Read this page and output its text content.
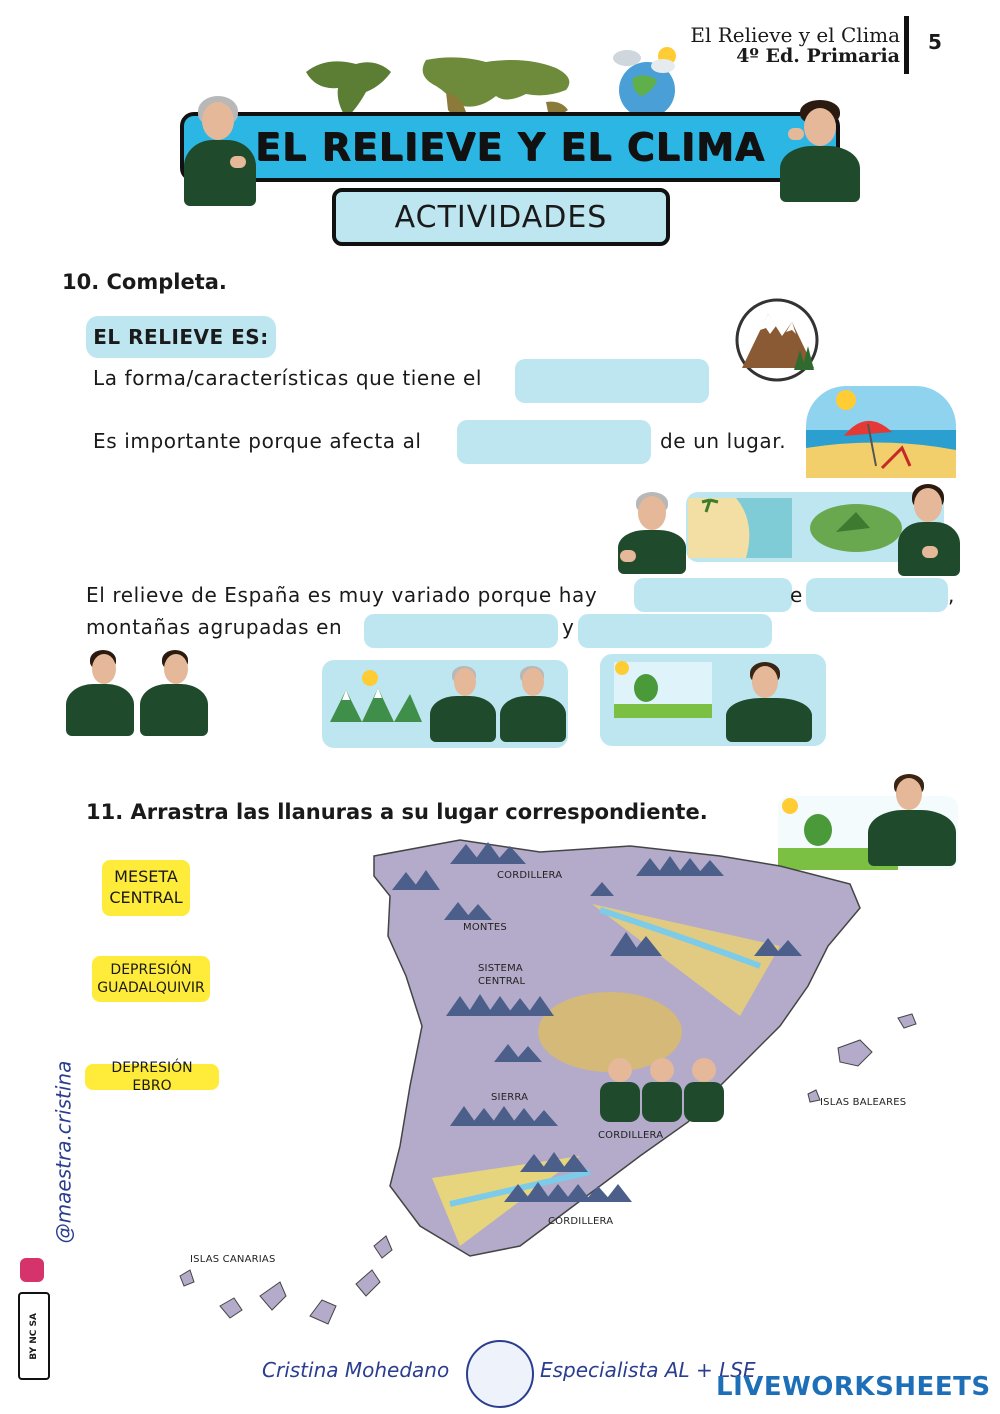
El Relieve y el Clima
4º Ed. Primaria
5
EL RELIEVE Y EL CLIMA
ACTIVIDADES
10. Completa.
EL RELIEVE ES:
La forma/características que tiene el
Es importante porque afecta al	de un lugar.
El relieve de España es muy variado porque hay	e	,
montañas agrupadas en	y
11. Arrastra las llanuras a su lugar correspondiente.
MESETA
CENTRAL
DEPRESIÓN
GUADALQUIVIR
DEPRESIÓN EBRO
CORDILLERA
MONTES
SISTEMA
CENTRAL
SIERRA
CORDILLERA
CORDILLERA
ISLAS BALEARES
ISLAS CANARIAS
@maestra.cristina
BY NC SA
Cristina Mohedano	Especialista AL + LSE
LIVEWORKSHEETS
